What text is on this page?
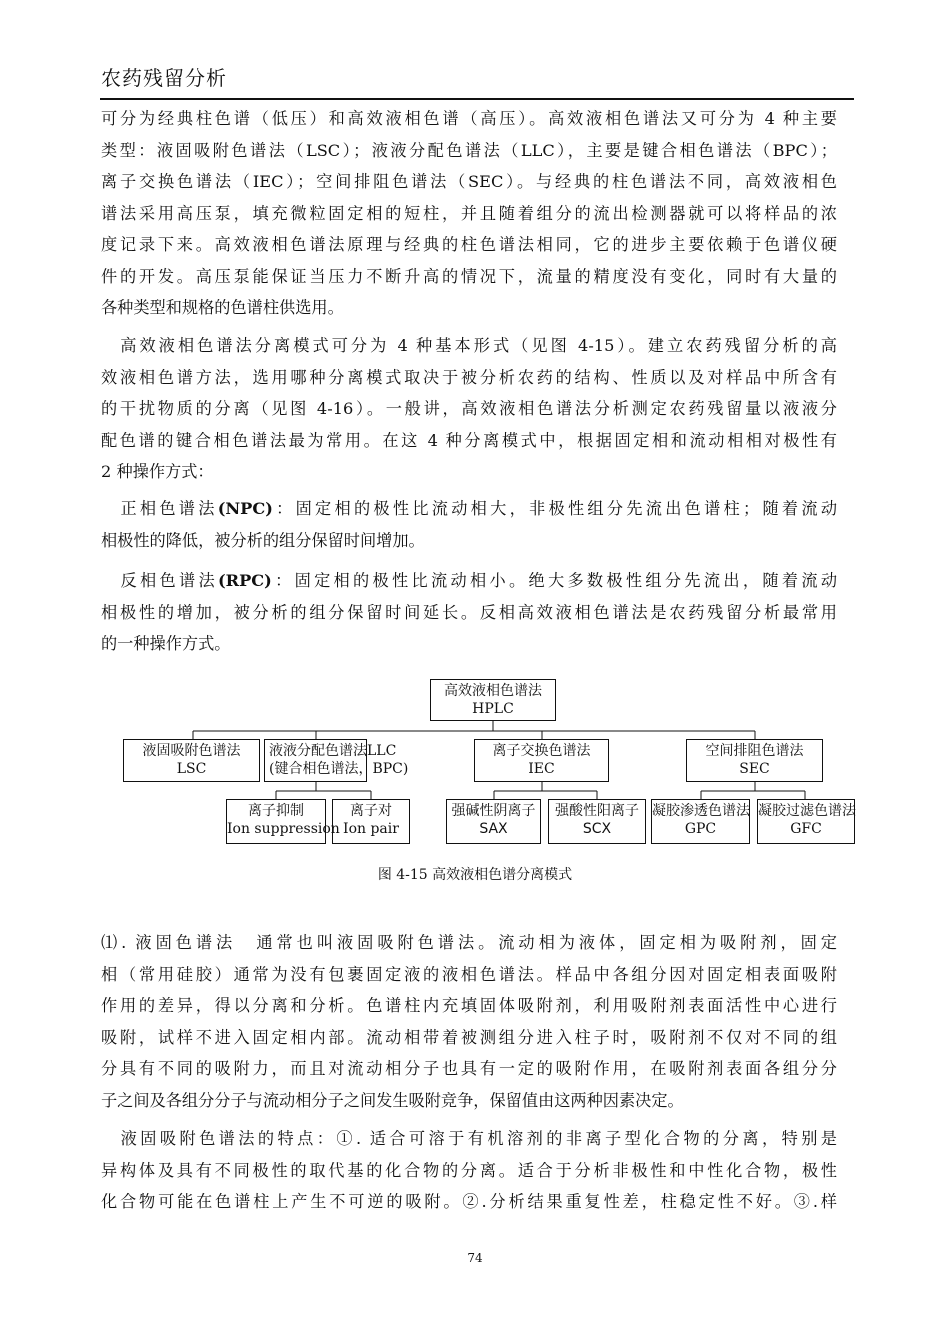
农药残留分析
可分为经典柱色谱（低压）和高效液相色谱（高压）。高效液相色谱法又可分为 4 种主要
类型：液固吸附色谱法（LSC）；液液分配色谱法（LLC），主要是键合相色谱法（BPC）；
离子交换色谱法（IEC）；空间排阻色谱法（SEC）。与经典的柱色谱法不同，高效液相色
谱法采用高压泵，填充微粒固定相的短柱，并且随着组分的流出检测器就可以将样品的浓
度记录下来。高效液相色谱法原理与经典的柱色谱法相同，它的进步主要依赖于色谱仪硬
件的开发。高压泵能保证当压力不断升高的情况下，流量的精度没有变化，同时有大量的
各种类型和规格的色谱柱供选用。
　高效液相色谱法分离模式可分为 4 种基本形式（见图 4-15）。建立农药残留分析的高
效液相色谱方法，选用哪种分离模式取决于被分析农药的结构、性质以及对样品中所含有
的干扰物质的分离（见图 4-16）。一般讲，高效液相色谱法分析测定农药残留量以液液分
配色谱的键合相色谱法最为常用。在这 4 种分离模式中，根据固定相和流动相相对极性有
2 种操作方式：
　正相色谱法(NPC)：固定相的极性比流动相大，非极性组分先流出色谱柱；随着流动
相极性的降低，被分析的组分保留时间增加。
　反相色谱法(RPC)：固定相的极性比流动相小。绝大多数极性组分先流出，随着流动
相极性的增加，被分析的组分保留时间延长。反相高效液相色谱法是农药残留分析最常用
的一种操作方式。
高效液相色谱法
HPLC
液固吸附色谱法
LSC
液液分配色谱法LLC
(键合相色谱法，BPC)
离子交换色谱法
IEC
空间排阻色谱法
SEC
离子抑制
Ion suppression
离子对
Ion pair
强碱性阴离子
SAX
强酸性阳离子
SCX
凝胶渗透色谱法
GPC
凝胶过滤色谱法
GFC
图 4-15 高效液相色谱分离模式
⑴. 液固色谱法　通常也叫液固吸附色谱法。流动相为液体，固定相为吸附剂，固定
相（常用硅胶）通常为没有包裹固定液的液相色谱法。样品中各组分因对固定相表面吸附
作用的差异，得以分离和分析。色谱柱内充填固体吸附剂，利用吸附剂表面活性中心进行
吸附，试样不进入固定相内部。流动相带着被测组分进入柱子时，吸附剂不仅对不同的组
分具有不同的吸附力，而且对流动相分子也具有一定的吸附作用，在吸附剂表面各组分分
子之间及各组分分子与流动相分子之间发生吸附竞争，保留值由这两种因素决定。
　液固吸附色谱法的特点：①. 适合可溶于有机溶剂的非离子型化合物的分离，特别是
异构体及具有不同极性的取代基的化合物的分离。适合于分析非极性和中性化合物，极性
化合物可能在色谱柱上产生不可逆的吸附。②.分析结果重复性差，柱稳定性不好。③.样
74
